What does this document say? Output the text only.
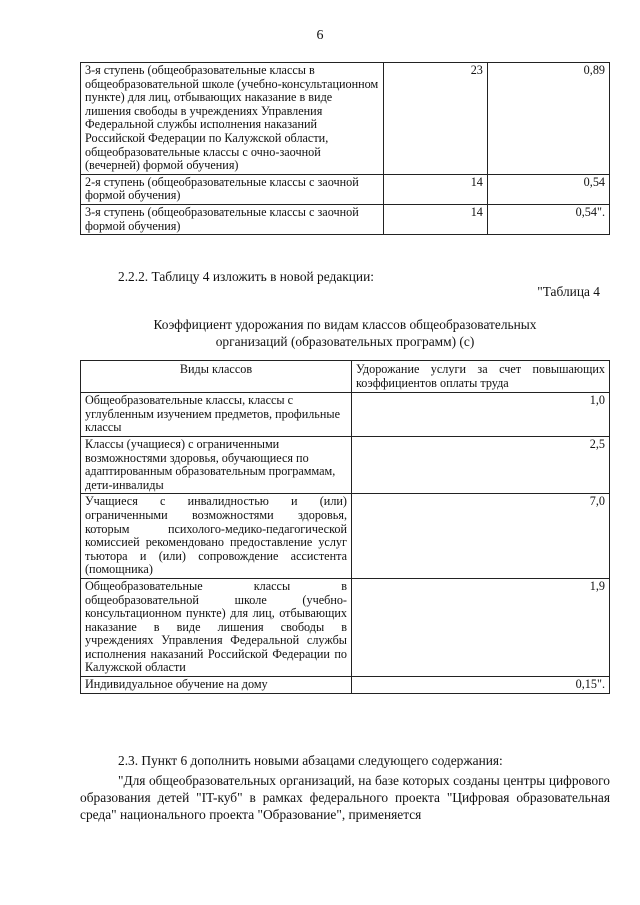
6
3-я ступень (общеобразовательные классы в общеобразовательной школе (учебно-консультационном пункте) для лиц, отбывающих наказание в виде лишения свободы в учреждениях Управления Федеральной службы исполнения наказаний Российской Федерации по Калужской области, общеобразовательные классы с очно-заочной (вечерней) формой обучения)	23	0,89
2-я ступень (общеобразовательные классы с заочной формой обучения)	14	0,54
3-я ступень (общеобразовательные классы с заочной формой обучения)	14	0,54".
2.2.2. Таблицу 4 изложить в новой редакции:
"Таблица 4
Коэффициент удорожания по видам классов общеобразовательных
организаций (образовательных программ) (с)
Виды классов	Удорожание услуги за счет повышающих коэффициентов оплаты труда
Общеобразовательные классы, классы с углубленным изучением предметов, профильные классы	1,0
Классы (учащиеся) с ограниченными возможностями здоровья, обучающиеся по адаптированным образовательным программам, дети-инвалиды	2,5
Учащиеся с инвалидностью и (или) ограниченными возможностями здоровья, которым психолого-медико-педагогической комиссией рекомендовано предоставление услуг тьютора и (или) сопровождение ассистента (помощника)	7,0
Общеобразовательные классы в общеобразовательной школе (учебно-консультационном пункте) для лиц, отбывающих наказание в виде лишения свободы в учреждениях Управления Федеральной службы исполнения наказаний Российской Федерации по Калужской области	1,9
Индивидуальное обучение на дому	0,15".
2.3. Пункт 6 дополнить новыми абзацами следующего содержания:
"Для общеобразовательных организаций, на базе которых созданы центры цифрового образования детей "IT-куб" в рамках федерального проекта "Цифровая образовательная среда" национального проекта "Образование", применяется
